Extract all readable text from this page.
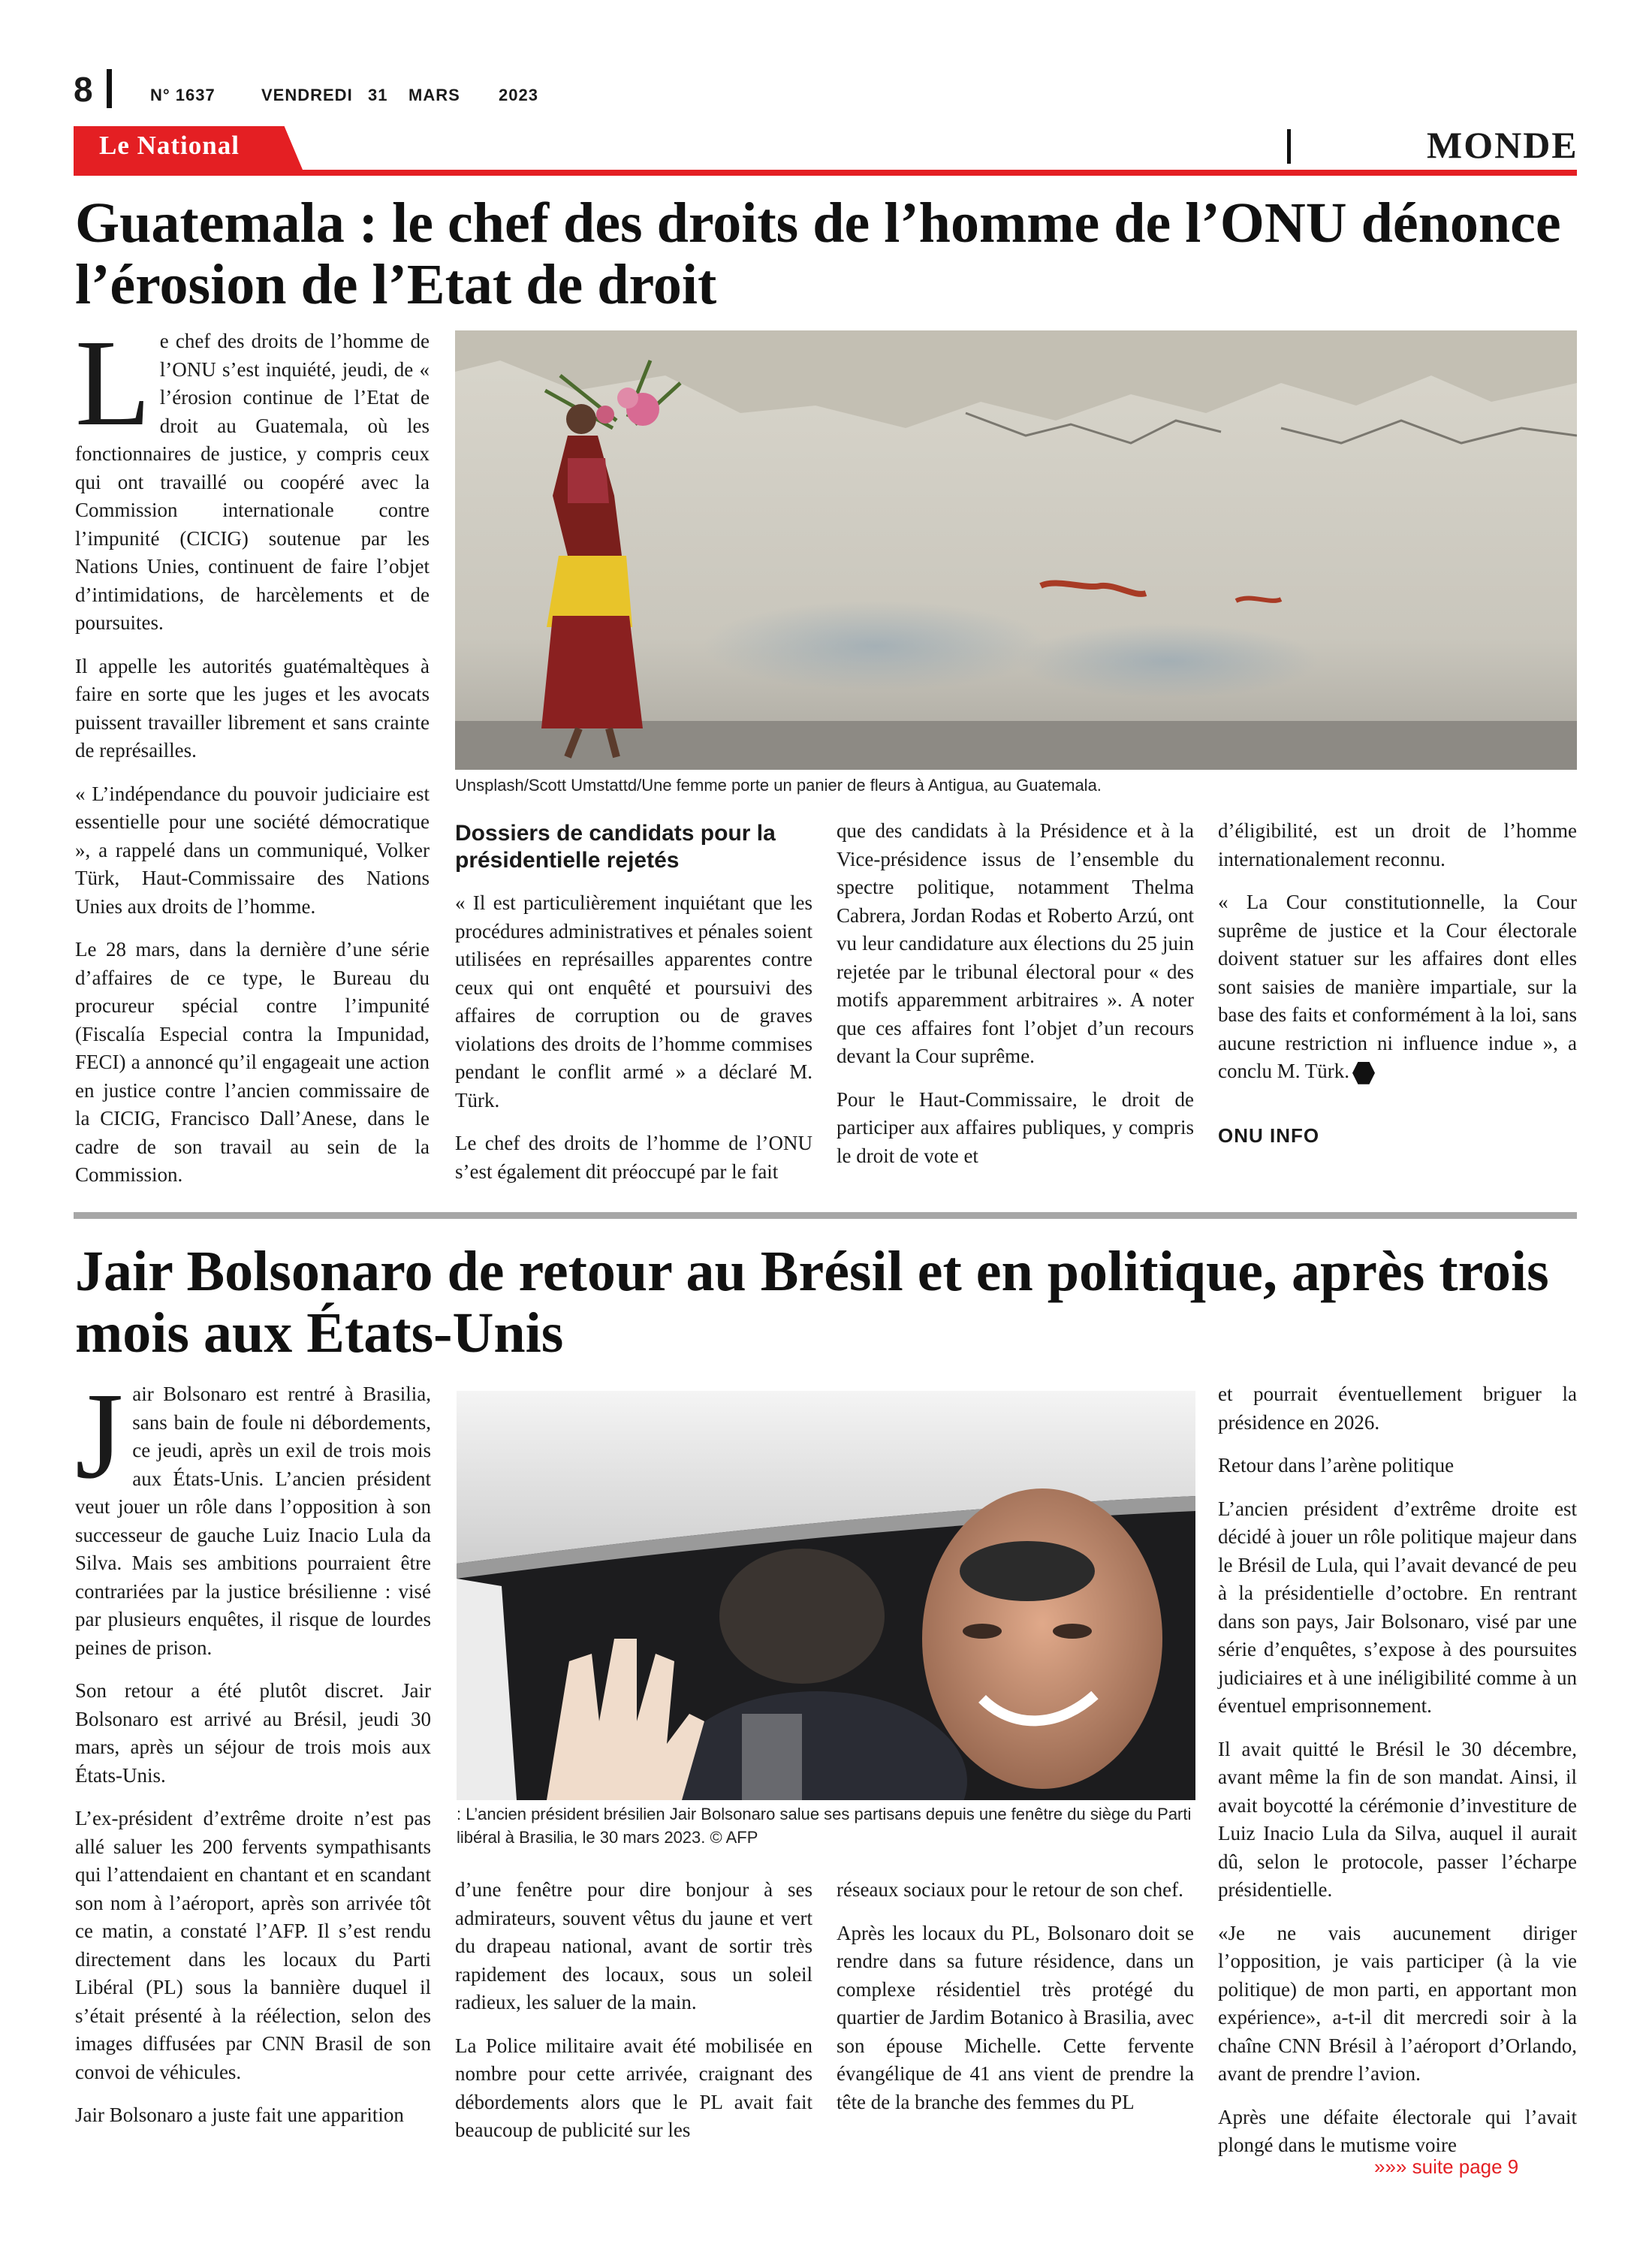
8	N° 1637	VENDREDI 31 MARS 2023
Le National	MONDE
Guatemala : le chef des droits de l’homme de l’ONU dénonce l’érosion de l’Etat de droit

Le chef des droits de l’homme de l’ONU s’est inquiété, jeudi, de « l’érosion continue de l’Etat de droit au Guatemala, où les fonctionnaires de justice, y compris ceux qui ont travaillé ou coopéré avec la Commission internationale contre l’impunité (CICIG) soutenue par les Nations Unies, continuent de faire l’objet d’intimidations, de harcèlements et de poursuites.

Il appelle les autorités guatémaltèques à faire en sorte que les juges et les avocats puissent travailler librement et sans crainte de représailles.

« L’indépendance du pouvoir judiciaire est essentielle pour une société démocratique », a rappelé dans un communiqué, Volker Türk, Haut-Commissaire des Nations Unies aux droits de l’homme.

Le 28 mars, dans la dernière d’une série d’affaires de ce type, le Bureau du procureur spécial contre l’impunité (Fiscalía Especial contra la Impunidad, FECI) a annoncé qu’il engageait une action en justice contre l’ancien commissaire de la CICIG, Francisco Dall’Anese, dans le cadre de son travail au sein de la Commission.

Unsplash/Scott Umstattd/Une femme porte un panier de fleurs à Antigua, au Guatemala.

Dossiers de candidats pour la présidentielle rejetés

« Il est particulièrement inquiétant que les procédures administratives et pénales soient utilisées en représailles apparentes contre ceux qui ont enquêté et poursuivi des affaires de corruption ou de graves violations des droits de l’homme commises pendant le conflit armé » a déclaré M. Türk.

Le chef des droits de l’homme de l’ONU s’est également dit préoccupé par le fait

que des candidats à la Présidence et à la Vice-présidence issus de l’ensemble du spectre politique, notamment Thelma Cabrera, Jordan Rodas et Roberto Arzú, ont vu leur candidature aux élections du 25 juin rejetée par le tribunal électoral pour « des motifs apparemment arbitraires ». A noter que ces affaires font l’objet d’un recours devant la Cour suprême.

Pour le Haut-Commissaire, le droit de participer aux affaires publiques, y compris le droit de vote et

d’éligibilité, est un droit de l’homme internationalement reconnu.

« La Cour constitutionnelle, la Cour suprême de justice et la Cour électorale doivent statuer sur les affaires dont elles sont saisies de manière impartiale, sur la base des faits et conformément à la loi, sans aucune restriction ni influence indue », a conclu M. Türk.

ONU INFO
Jair Bolsonaro de retour au Brésil et en politique, après trois mois aux États-Unis

Jair Bolsonaro est rentré à Brasilia, sans bain de foule ni débordements, ce jeudi, après un exil de trois mois aux États-Unis. L’ancien président veut jouer un rôle dans l’opposition à son successeur de gauche Luiz Inacio Lula da Silva. Mais ses ambitions pourraient être contrariées par la justice brésilienne : visé par plusieurs enquêtes, il risque de lourdes peines de prison.

Son retour a été plutôt discret. Jair Bolsonaro est arrivé au Brésil, jeudi 30 mars, après un séjour de trois mois aux États-Unis.

L’ex-président d’extrême droite n’est pas allé saluer les 200 fervents sympathisants qui l’attendaient en chantant et en scandant son nom à l’aéroport, après son arrivée tôt ce matin, a constaté l’AFP. Il s’est rendu directement dans les locaux du Parti Libéral (PL) sous la bannière duquel il s’était présenté à la réélection, selon des images diffusées par CNN Brasil de son convoi de véhicules.

Jair Bolsonaro a juste fait une apparition

: L’ancien président brésilien Jair Bolsonaro salue ses partisans depuis une fenêtre du siège du Parti libéral à Brasilia, le 30 mars 2023. © AFP

d’une fenêtre pour dire bonjour à ses admirateurs, souvent vêtus du jaune et vert du drapeau national, avant de sortir très rapidement des locaux, sous un soleil radieux, les saluer de la main.

La Police militaire avait été mobilisée en nombre pour cette arrivée, craignant des débordements alors que le PL avait fait beaucoup de publicité sur les

réseaux sociaux pour le retour de son chef.

Après les locaux du PL, Bolsonaro doit se rendre dans sa future résidence, dans un complexe résidentiel très protégé du quartier de Jardim Botanico à Brasilia, avec son épouse Michelle. Cette fervente évangélique de 41 ans vient de prendre la tête de la branche des femmes du PL

et pourrait éventuellement briguer la présidence en 2026.

Retour dans l’arène politique

L’ancien président d’extrême droite est décidé à jouer un rôle politique majeur dans le Brésil de Lula, qui l’avait devancé de peu à la présidentielle d’octobre. En rentrant dans son pays, Jair Bolsonaro, visé par une série d’enquêtes, s’expose à des poursuites judiciaires et à une inéligibilité comme à un éventuel emprisonnement.

Il avait quitté le Brésil le 30 décembre, avant même la fin de son mandat. Ainsi, il avait boycotté la cérémonie d’investiture de Luiz Inacio Lula da Silva, auquel il aurait dû, selon le protocole, passer l’écharpe présidentielle.

«Je ne vais aucunement diriger l’opposition, je vais participer (à la vie politique) de mon parti, en apportant mon expérience», a-t-il dit mercredi soir à la chaîne CNN Brésil à l’aéroport d’Orlando, avant de prendre l’avion.

Après une défaite électorale qui l’avait plongé dans le mutisme voire

»»» suite page 9
